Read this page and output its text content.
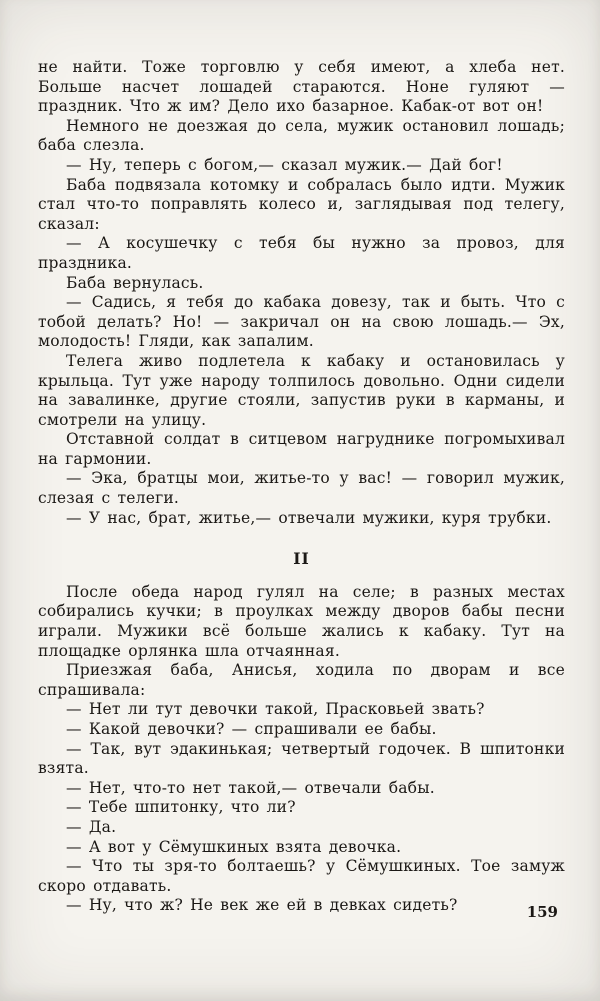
не найти. Тоже торговлю у себя имеют, а хлеба нет. Больше насчет лошадей стараются. Ноне гуляют — праздник. Что ж им? Дело ихо базарное. Кабак-от вот он!

Немного не доезжая до села, мужик остановил лошадь; баба слезла.

— Ну, теперь с богом,— сказал мужик.— Дай бог!

Баба подвязала котомку и собралась было идти. Мужик стал что-то поправлять колесо и, заглядывая под телегу, сказал:

— А косушечку с тебя бы нужно за провоз, для праздника.

Баба вернулась.

— Садись, я тебя до кабака довезу, так и быть. Что с тобой делать? Но! — закричал он на свою лошадь.— Эх, молодость! Гляди, как запалим.

Телега живо подлетела к кабаку и остановилась у крыльца. Тут уже народу толпилось довольно. Одни сидели на завалинке, другие стояли, запустив руки в карманы, и смотрели на улицу.

Отставной солдат в ситцевом нагруднике погромыхивал на гармонии.

— Эка, братцы мои, житье-то у вас! — говорил мужик, слезая с телеги.

— У нас, брат, житье,— отвечали мужики, куря трубки.

II

После обеда народ гулял на селе; в разных местах собирались кучки; в проулках между дворов бабы песни играли. Мужики всё больше жались к кабаку. Тут на площадке орлянка шла отчаянная.

Приезжая баба, Анисья, ходила по дворам и все спрашивала:

— Нет ли тут девочки такой, Прасковьей звать?

— Какой девочки? — спрашивали ее бабы.

— Так, вут эдакинькая; четвертый годочек. В шпитонки взята.

— Нет, что-то нет такой,— отвечали бабы.

— Тебе шпитонку, что ли?

— Да.

— А вот у Сёмушкиных взята девочка.

— Что ты зря-то болтаешь? у Сёмушкиных. Тое замуж скоро отдавать.

— Ну, что ж? Не век же ей в девках сидеть?	159
